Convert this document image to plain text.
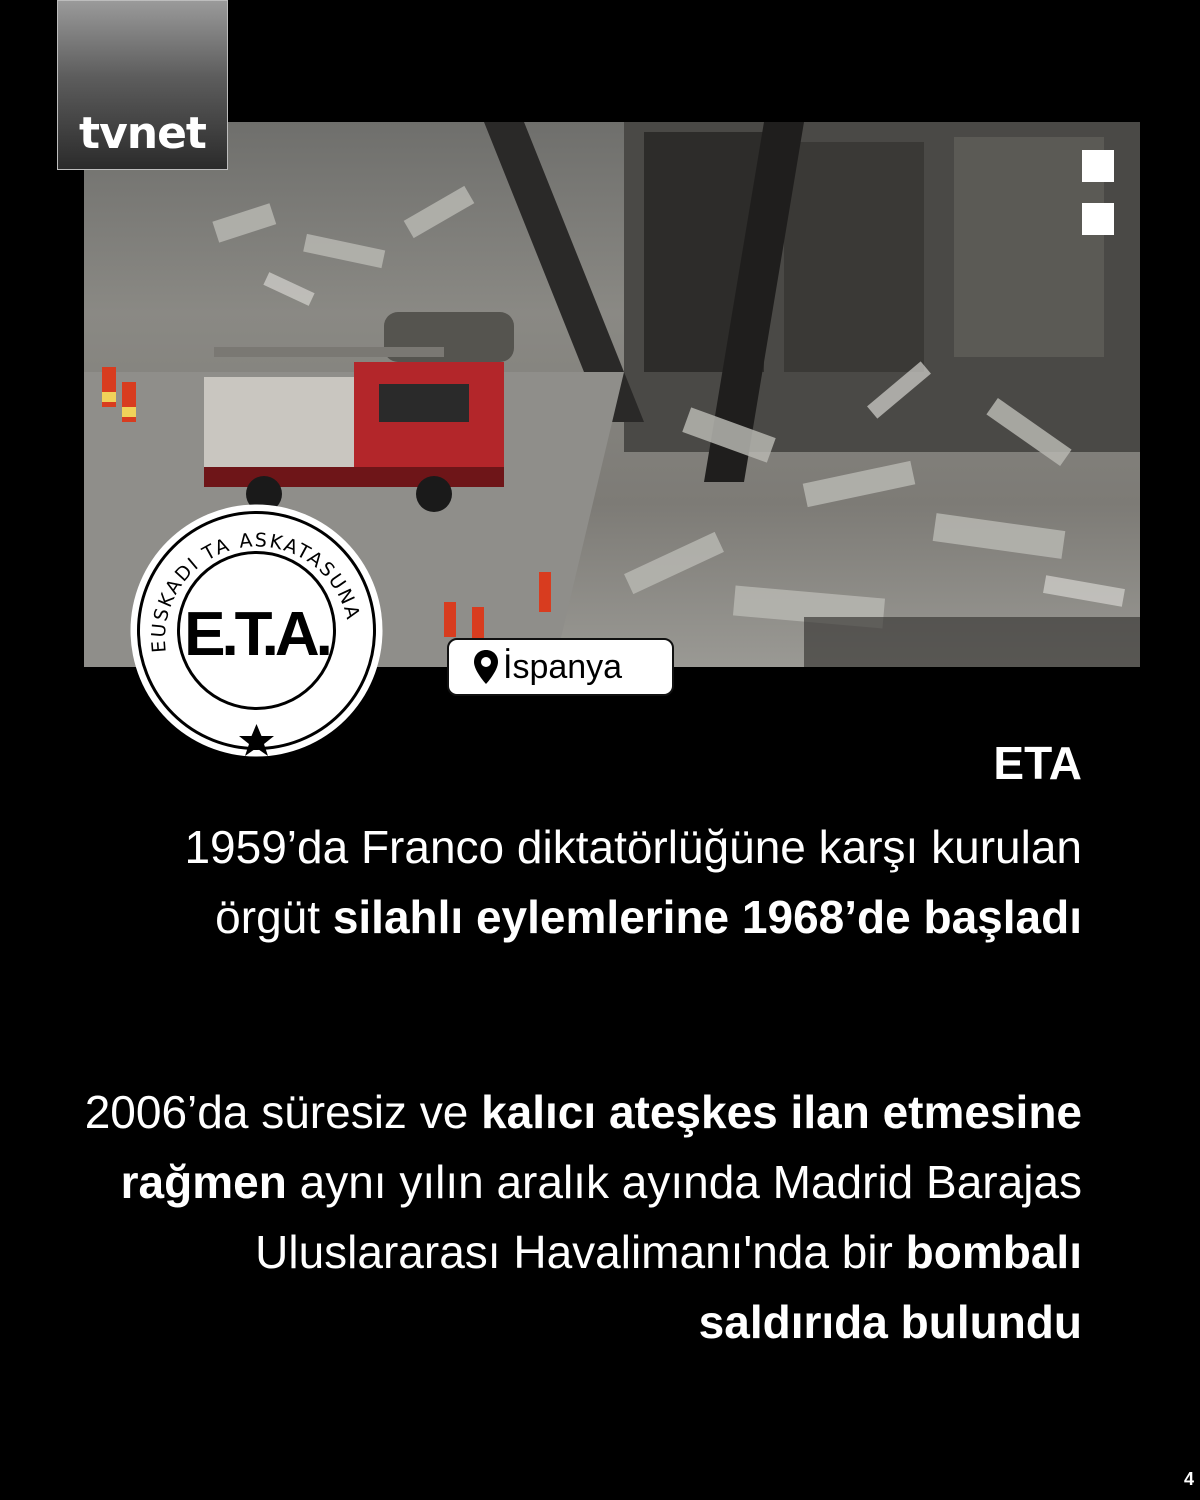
tvnet
EUSKADI TA ASKATASUNA
E.T.A.	İspanya
ETA

1959’da Franco diktatörlüğüne karşı kurulan örgüt silahlı eylemlerine 1968’de başladı

2006’da süresiz ve kalıcı ateşkes ilan etmesine rağmen aynı yılın aralık ayında Madrid Barajas Uluslararası Havalimanı'nda bir bombalı saldırıda bulundu

4
